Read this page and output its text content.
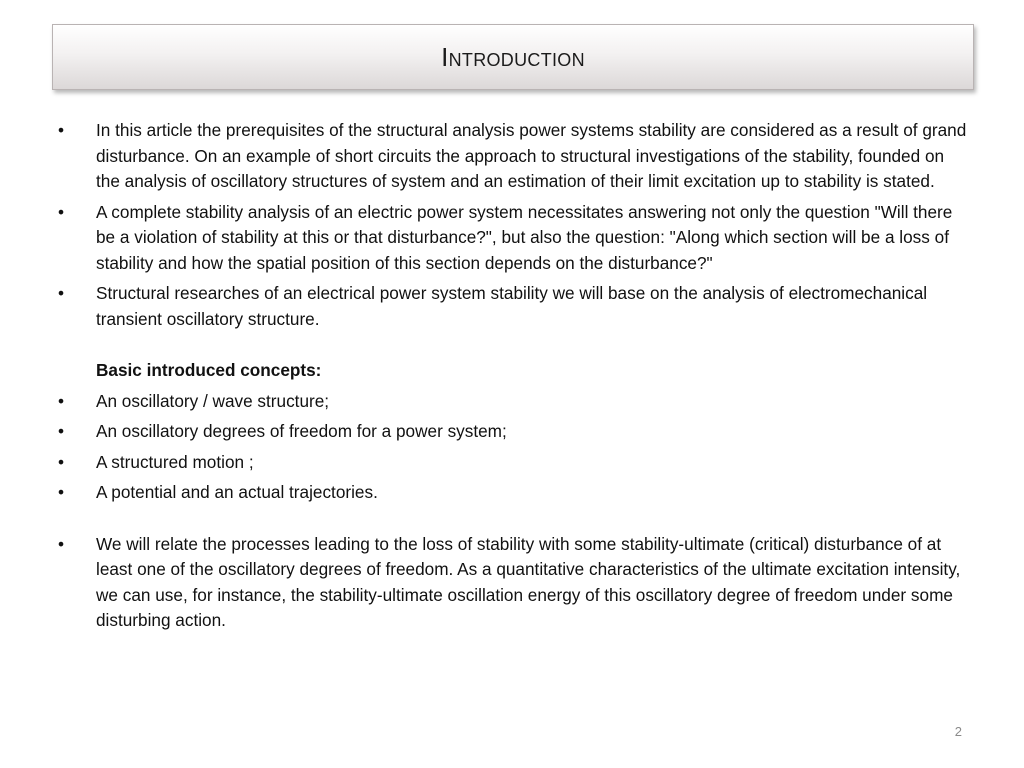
Introduction
•	In this article the prerequisites of the structural analysis power systems stability are considered as a result of grand disturbance. On an example of short circuits the approach to structural investigations of the stability, founded on the analysis of oscillatory structures of system and an estimation of their limit excitation up to stability is stated.
•	A complete stability analysis of an electric power system necessitates answering not only the question "Will there be a violation of stability at this or that disturbance?", but also the question: "Along which section will be a loss of stability and how the spatial position of this section depends on the disturbance?"
•	Structural researches of an electrical power system stability we will base on the analysis of electromechanical transient oscillatory structure.
Basic introduced concepts:
•	An oscillatory / wave structure;
•	An oscillatory degrees of freedom for a power system;
•	A structured motion ;
•	A potential and an actual trajectories.
•	We will relate the processes leading to the loss of stability with some stability-ultimate (critical) disturbance of at least one of the oscillatory degrees of freedom. As a quantitative characteristics of the ultimate excitation intensity, we can use, for instance, the stability-ultimate oscillation energy of this oscillatory degree of freedom under some disturbing action.
2
